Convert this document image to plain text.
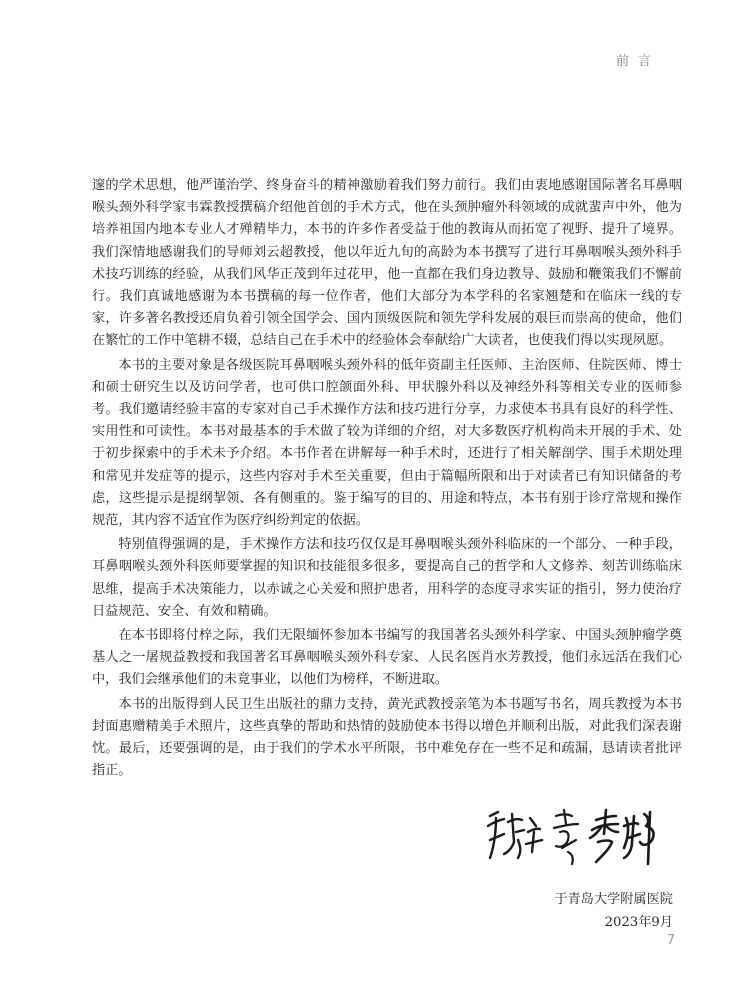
前言

邃的学术思想，他严谨治学、终身奋斗的精神激励着我们努力前行。我们由衷地感谢国际著名耳鼻咽喉头颈外科学家韦霖教授撰稿介绍他首创的手术方式，他在头颈肿瘤外科领域的成就蜚声中外，他为培养祖国内地本专业人才殚精毕力，本书的许多作者受益于他的教诲从而拓宽了视野、提升了境界。我们深情地感谢我们的导师刘云超教授，他以年近九旬的高龄为本书撰写了进行耳鼻咽喉头颈外科手术技巧训练的经验，从我们风华正茂到年过花甲，他一直都在我们身边教导、鼓励和鞭策我们不懈前行。我们真诚地感谢为本书撰稿的每一位作者，他们大部分为本学科的名家翘楚和在临床一线的专家，许多著名教授还肩负着引领全国学会、国内顶级医院和领先学科发展的艰巨而崇高的使命，他们在繁忙的工作中笔耕不辍，总结自己在手术中的经验体会奉献给广大读者，也使我们得以实现夙愿。

本书的主要对象是各级医院耳鼻咽喉头颈外科的低年资副主任医师、主治医师、住院医师、博士和硕士研究生以及访问学者，也可供口腔颌面外科、甲状腺外科以及神经外科等相关专业的医师参考。我们邀请经验丰富的专家对自己手术操作方法和技巧进行分享，力求使本书具有良好的科学性、实用性和可读性。本书对最基本的手术做了较为详细的介绍，对大多数医疗机构尚未开展的手术、处于初步探索中的手术未予介绍。本书作者在讲解每一种手术时，还进行了相关解剖学、围手术期处理和常见并发症等的提示，这些内容对手术至关重要，但由于篇幅所限和出于对读者已有知识储备的考虑，这些提示是提纲挈领、各有侧重的。鉴于编写的目的、用途和特点，本书有别于诊疗常规和操作规范，其内容不适宜作为医疗纠纷判定的依据。

特别值得强调的是，手术操作方法和技巧仅仅是耳鼻咽喉头颈外科临床的一个部分、一种手段，耳鼻咽喉头颈外科医师要掌握的知识和技能很多很多，要提高自己的哲学和人文修养、刻苦训练临床思维，提高手术决策能力，以赤诚之心关爱和照护患者，用科学的态度寻求实证的指引，努力使治疗日益规范、安全、有效和精确。

在本书即将付梓之际，我们无限缅怀参加本书编写的我国著名头颈外科学家、中国头颈肿瘤学奠基人之一屠规益教授和我国著名耳鼻咽喉头颈外科专家、人民名医肖水芳教授，他们永远活在我们心中，我们会继承他们的未竟事业，以他们为榜样，不断进取。

本书的出版得到人民卫生出版社的鼎力支持，黄光武教授亲笔为本书题写书名，周兵教授为本书封面惠赠精美手术照片，这些真挚的帮助和热情的鼓励使本书得以增色并顺利出版，对此我们深表谢忱。最后，还要强调的是，由于我们的学术水平所限，书中难免存在一些不足和疏漏，恳请读者批评指正。

于青岛大学附属医院
2023年9月
7
